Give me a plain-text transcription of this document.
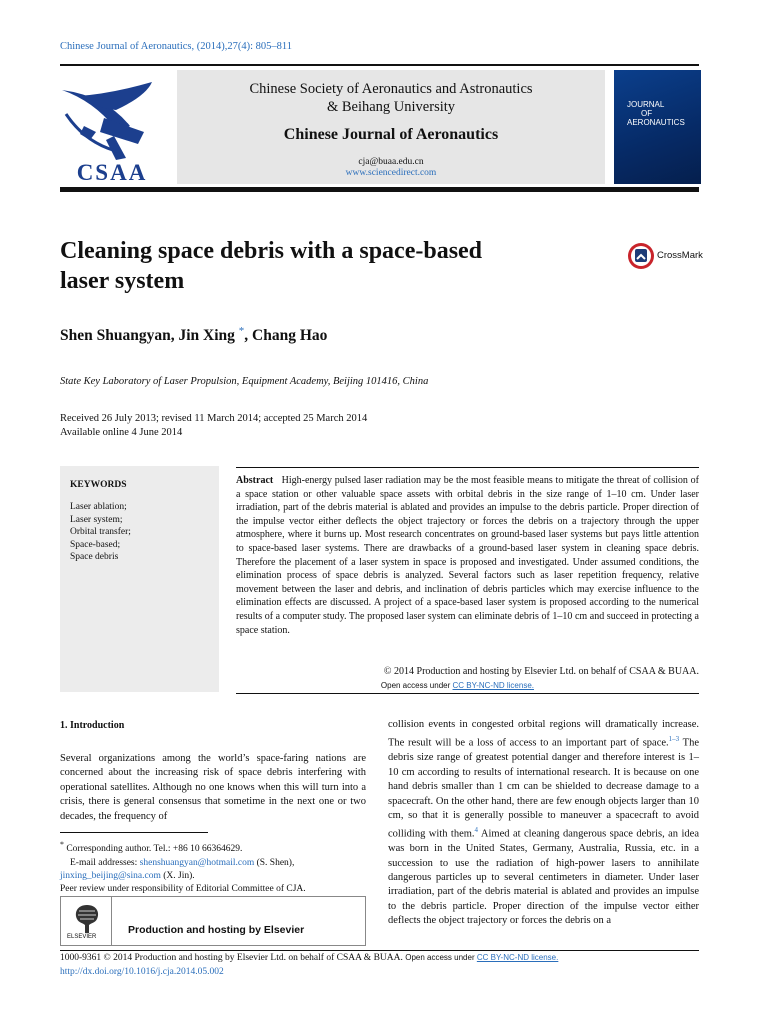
Chinese Journal of Aeronautics, (2014),27(4): 805–811
CSAA
Chinese Society of Aeronautics and Astronautics
& Beihang University
Chinese Journal of Aeronautics
cja@buaa.edu.cn
www.sciencedirect.com
JOURNAL
OF
AERONAUTICS
Cleaning space debris with a space-based
laser system
CrossMark
Shen Shuangyan, Jin Xing *, Chang Hao
State Key Laboratory of Laser Propulsion, Equipment Academy, Beijing 101416, China
Received 26 July 2013; revised 11 March 2014; accepted 25 March 2014
Available online 4 June 2014
KEYWORDS
Laser ablation;
Laser system;
Orbital transfer;
Space-based;
Space debris
Abstract High-energy pulsed laser radiation may be the most feasible means to mitigate the threat of collision of a space station or other valuable space assets with orbital debris in the size range of 1–10 cm. Under laser irradiation, part of the debris material is ablated and provides an impulse to the debris particle. Proper direction of the impulse vector either deflects the object trajectory or forces the debris on a trajectory through the upper atmosphere, where it burns up. Most research concentrates on ground-based laser systems but pays little attention to space-based laser systems. There are drawbacks of a ground-based laser system in cleaning space debris. Therefore the placement of a laser system in space is proposed and investigated. Under assumed conditions, the elimination process of space debris is analyzed. Several factors such as laser repetition frequency, relative movement between the laser and debris, and inclination of debris particles which may exercise influence to the elimination effects are discussed. A project of a space-based laser system is proposed according to the numerical results of a computer study. The proposed laser system can eliminate debris of 1–10 cm and succeed in protecting a space station.
© 2014 Production and hosting by Elsevier Ltd. on behalf of CSAA & BUAA.
Open access under CC BY-NC-ND license.
1. Introduction
Several organizations among the world’s space-faring nations are concerned about the increasing risk of space debris interfering with operational satellites. Although no one knows when this will turn into a crisis, there is general consensus that sometime in the next one or two decades, the frequency of
collision events in congested orbital regions will dramatically increase. The result will be a loss of access to an important part of space.$^{1-3}$ The debris size range of greatest potential danger and therefore interest is 1–10 cm according to results of international research. It is because on one hand debris smaller than 1 cm can be shielded to decrease damage to a spacecraft. On the other hand, there are few enough objects larger than 10 cm, so that it is generally possible to maneuver a spacecraft to avoid colliding with them.$^4$ Aimed at cleaning dangerous space debris, an idea was born in the United States, Germany, Australia, Russia, etc. in a succession to use the radiation of high-power lasers to annihilate dangerous particles up to several centimeters in diameter. Under laser irradiation, part of the debris material is ablated and provides an impulse to the debris particle. Proper direction of the impulse vector either deflects the object trajectory or forces the debris on a
* Corresponding author. Tel.: +86 10 66364629.
E-mail addresses: shenshuangyan@hotmail.com (S. Shen),
jinxing_beijing@sina.com (X. Jin).
Peer review under responsibility of Editorial Committee of CJA.
ELSEVIER
Production and hosting by Elsevier
1000-9361 © 2014 Production and hosting by Elsevier Ltd. on behalf of CSAA & BUAA. Open access under CC BY-NC-ND license.
http://dx.doi.org/10.1016/j.cja.2014.05.002
